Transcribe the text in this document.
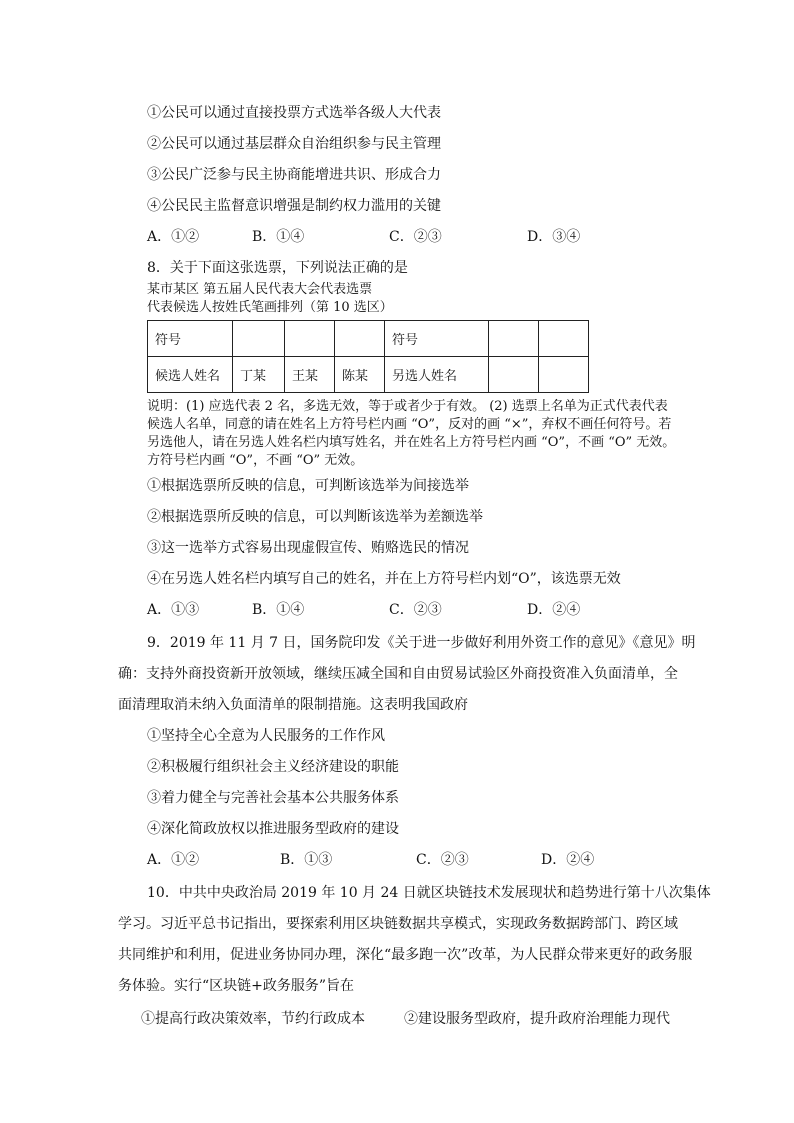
①公民可以通过直接投票方式选举各级人大代表
②公民可以通过基层群众自治组织参与民主管理
③公民广泛参与民主协商能增进共识、形成合力
④公民民主监督意识增强是制约权力滥用的关键
A．①②	B．①④	C．②③	D．③④
8．关于下面这张选票，下列说法正确的是
某市某区 第五届人民代表大会代表选票
代表候选人按姓氏笔画排列（第 10 选区）
符号				符号		
候选人姓名	丁某	王某	陈某	另选人姓名		
说明：(1) 应选代表 2 名，多选无效，等于或者少于有效。 (2) 选票上名单为正式代表代表
候选人名单，同意的请在姓名上方符号栏内画 “O”，反对的画 “×”，弃权不画任何符号。若
另选他人，请在另选人姓名栏内填写姓名，并在姓名上方符号栏内画 “O”，不画 “O” 无效。
方符号栏内画 “O”，不画 “O” 无效。
①根据选票所反映的信息，可判断该选举为间接选举
②根据选票所反映的信息，可以判断该选举为差额选举
③这一选举方式容易出现虚假宣传、贿赂选民的情况
④在另选人姓名栏内填写自己的姓名，并在上方符号栏内划“O”，该选票无效
A．①③	B．①④	C．②③	D．②④
9．2019 年 11 月 7 日，国务院印发《关于进一步做好利用外资工作的意见》《意见》明
确：支持外商投资新开放领域，继续压减全国和自由贸易试验区外商投资准入负面清单，全
面清理取消未纳入负面清单的限制措施。这表明我国政府
①坚持全心全意为人民服务的工作作风
②积极履行组织社会主义经济建设的职能
③着力健全与完善社会基本公共服务体系
④深化简政放权以推进服务型政府的建设
A．①②	B．①③	C．②③	D．②④
10．中共中央政治局 2019 年 10 月 24 日就区块链技术发展现状和趋势进行第十八次集体
学习。习近平总书记指出，要探索利用区块链数据共享模式，实现政务数据跨部门、跨区域
共同维护和利用，促进业务协同办理，深化“最多跑一次”改革，为人民群众带来更好的政务服
务体验。实行“区块链+政务服务”旨在
①提高行政决策效率，节约行政成本	②建设服务型政府，提升政府治理能力现代
